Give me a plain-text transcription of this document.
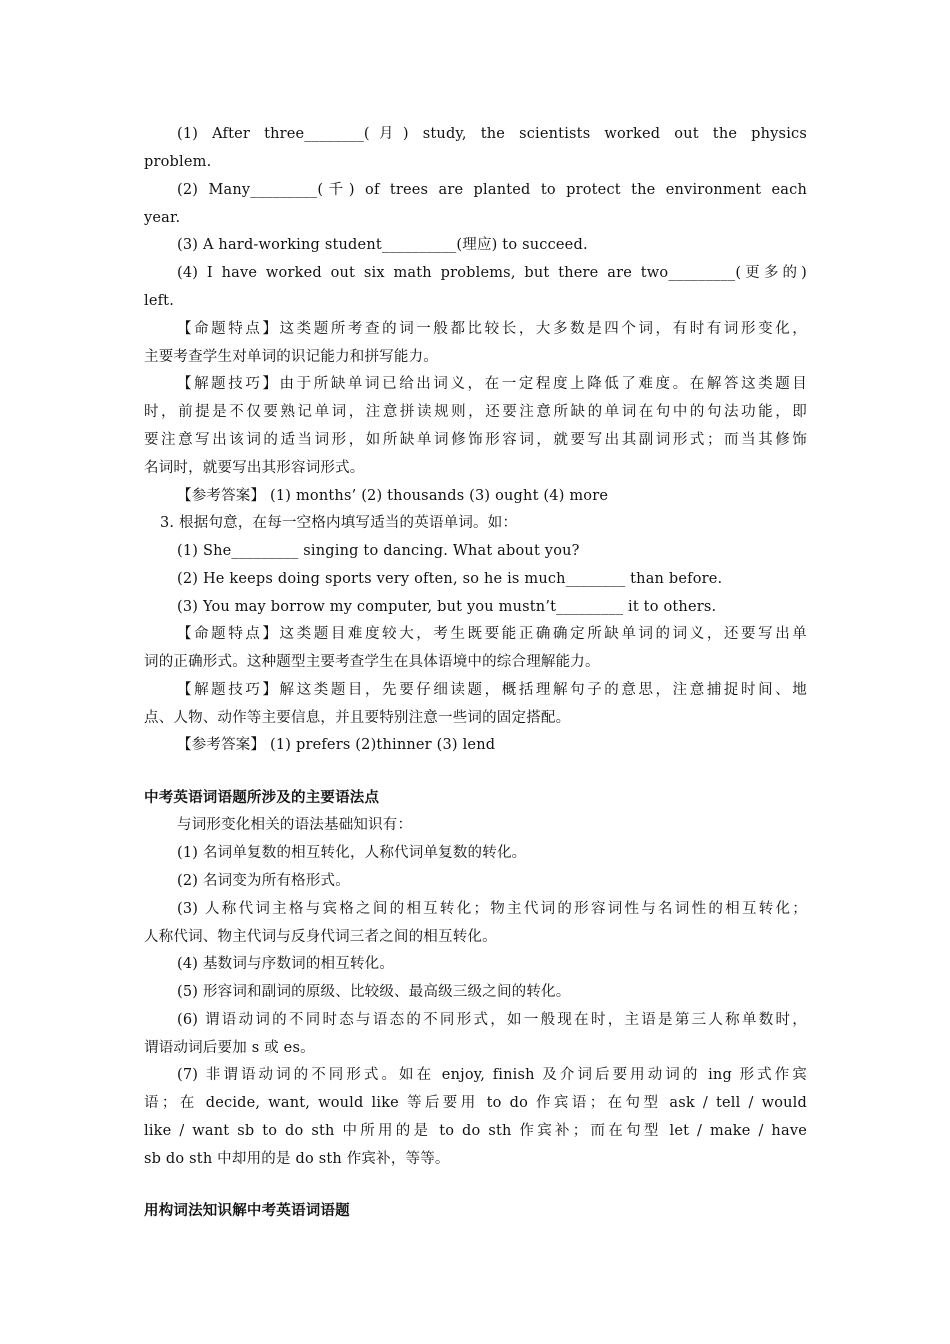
(1) After three________(月) study, the scientists worked out the physics
problem.
(2) Many_________(千) of trees are planted to protect the environment each
year.
(3) A hard-working student__________(理应) to succeed.
(4) I have worked out six math problems, but there are two_________(更多的)
left.
【命题特点】这类题所考查的词一般都比较长，大多数是四个词，有时有词形变化，
主要考查学生对单词的识记能力和拼写能力。
【解题技巧】由于所缺单词已给出词义，在一定程度上降低了难度。在解答这类题目
时，前提是不仅要熟记单词，注意拼读规则，还要注意所缺的单词在句中的句法功能，即
要注意写出该词的适当词形，如所缺单词修饰形容词，就要写出其副词形式；而当其修饰
名词时，就要写出其形容词形式。
【参考答案】 (1) months’ (2) thousands (3) ought (4) more
3. 根据句意，在每一空格内填写适当的英语单词。如：
(1) She_________ singing to dancing. What about you?
(2) He keeps doing sports very often, so he is much________ than before.
(3) You may borrow my computer, but you mustn’t_________ it to others.
【命题特点】这类题目难度较大，考生既要能正确确定所缺单词的词义，还要写出单
词的正确形式。这种题型主要考查学生在具体语境中的综合理解能力。
【解题技巧】解这类题目，先要仔细读题，概括理解句子的意思，注意捕捉时间、地
点、人物、动作等主要信息，并且要特别注意一些词的固定搭配。
【参考答案】 (1) prefers (2)thinner (3) lend
中考英语词语题所涉及的主要语法点
与词形变化相关的语法基础知识有：
(1) 名词单复数的相互转化，人称代词单复数的转化。
(2) 名词变为所有格形式。
(3) 人称代词主格与宾格之间的相互转化；物主代词的形容词性与名词性的相互转化；
人称代词、物主代词与反身代词三者之间的相互转化。
(4) 基数词与序数词的相互转化。
(5) 形容词和副词的原级、比较级、最高级三级之间的转化。
(6) 谓语动词的不同时态与语态的不同形式，如一般现在时，主语是第三人称单数时，
谓语动词后要加 s 或 es。
(7) 非谓语动词的不同形式。如在 enjoy, finish 及介词后要用动词的 ing 形式作宾
语；在 decide, want, would like 等后要用 to do 作宾语；在句型 ask / tell / would
like / want sb to do sth 中所用的是 to do sth 作宾补；而在句型 let / make / have
sb do sth 中却用的是 do sth 作宾补，等等。
用构词法知识解中考英语词语题
